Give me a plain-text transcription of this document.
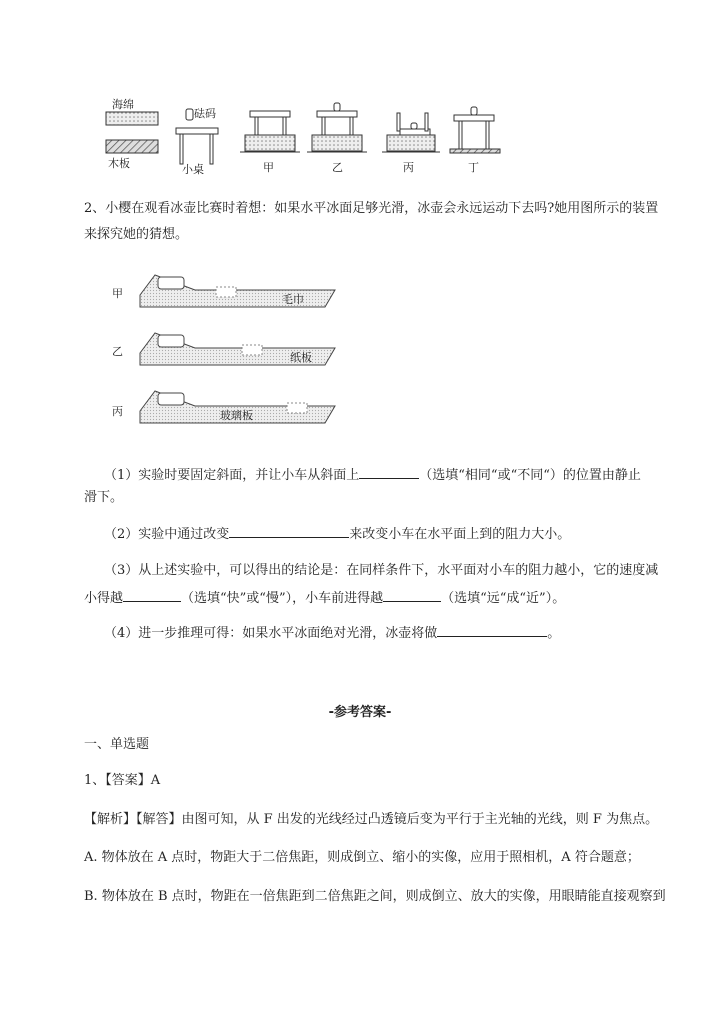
海绵
木板
砝码
小桌	甲	乙	丙	丁
2、小樱在观看冰壶比赛时着想：如果水平冰面足够光滑，冰壶会永远运动下去吗?她用图所示的装置
来探究她的猜想。
甲	毛巾
乙	纸板
丙	玻璃板
（1）实验时要固定斜面，并让小车从斜面上	（选填“相同“或“不同“）的位置由静止
滑下。
（2）实验中通过改变	来改变小车在水平面上到的阻力大小。
（3）从上述实验中，可以得出的结论是：在同样条件下，水平面对小车的阻力越小，它的速度减
小得越	（选填“快”或“慢”），小车前进得越	（选填“远“成“近”）。
（4）进一步推理可得：如果水平冰面绝对光滑，冰壶将做	。
-参考答案-
一、单选题
1、【答案】A
【解析】【解答】由图可知，从 F 出发的光线经过凸透镜后变为平行于主光轴的光线，则 F 为焦点。
A. 物体放在 A 点时，物距大于二倍焦距，则成倒立、缩小的实像，应用于照相机，A 符合题意；
B. 物体放在 B 点时，物距在一倍焦距到二倍焦距之间，则成倒立、放大的实像，用眼睛能直接观察到
